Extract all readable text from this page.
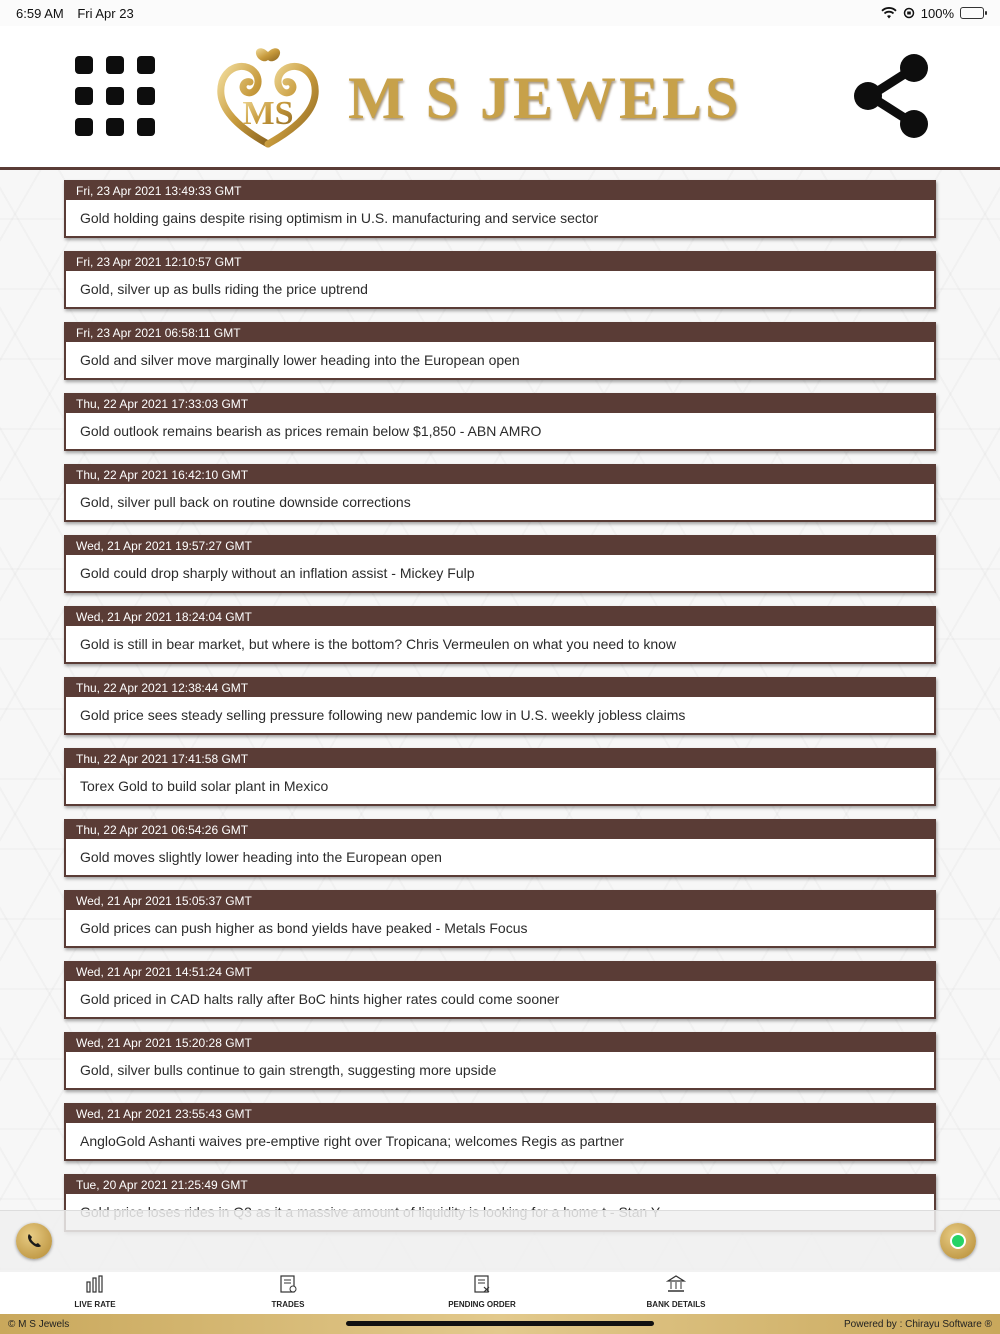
6:59 AM Fri Apr 23	100%
MS M S JEWELS
Fri, 23 Apr 2021 13:49:33 GMT
Gold holding gains despite rising optimism in U.S. manufacturing and service sector
Fri, 23 Apr 2021 12:10:57 GMT
Gold, silver up as bulls riding the price uptrend
Fri, 23 Apr 2021 06:58:11 GMT
Gold and silver move marginally lower heading into the European open
Thu, 22 Apr 2021 17:33:03 GMT
Gold outlook remains bearish as prices remain below $1,850 - ABN AMRO
Thu, 22 Apr 2021 16:42:10 GMT
Gold, silver pull back on routine downside corrections
Wed, 21 Apr 2021 19:57:27 GMT
Gold could drop sharply without an inflation assist - Mickey Fulp
Wed, 21 Apr 2021 18:24:04 GMT
Gold is still in bear market, but where is the bottom? Chris Vermeulen on what you need to know
Thu, 22 Apr 2021 12:38:44 GMT
Gold price sees steady selling pressure following new pandemic low in U.S. weekly jobless claims
Thu, 22 Apr 2021 17:41:58 GMT
Torex Gold to build solar plant in Mexico
Thu, 22 Apr 2021 06:54:26 GMT
Gold moves slightly lower heading into the European open
Wed, 21 Apr 2021 15:05:37 GMT
Gold prices can push higher as bond yields have peaked - Metals Focus
Wed, 21 Apr 2021 14:51:24 GMT
Gold priced in CAD halts rally after BoC hints higher rates could come sooner
Wed, 21 Apr 2021 15:20:28 GMT
Gold, silver bulls continue to gain strength, suggesting more upside
Wed, 21 Apr 2021 23:55:43 GMT
AngloGold Ashanti waives pre-emptive right over Tropicana; welcomes Regis as partner
Tue, 20 Apr 2021 21:25:49 GMT
LIVE RATE	TRADES	PENDING ORDER	BANK DETAILS
© M S Jewels	Powered by : Chirayu Software ®
